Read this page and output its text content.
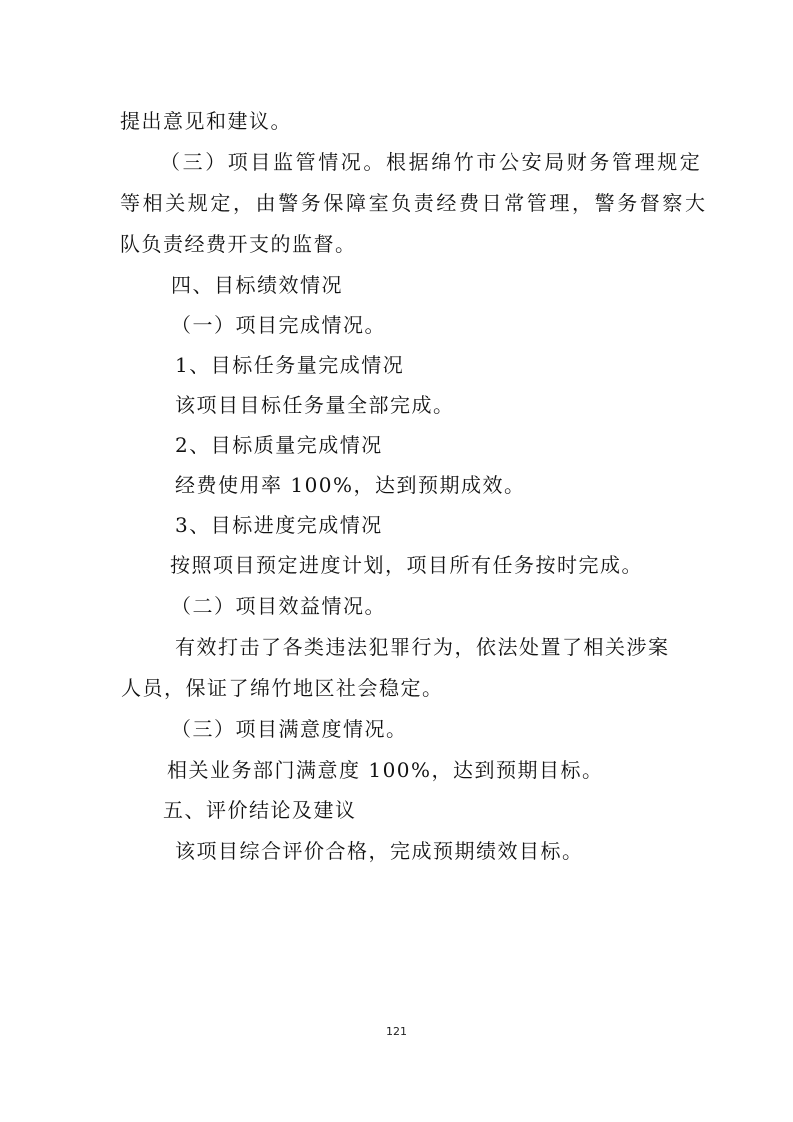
提出意见和建议。
（三）项目监管情况。根据绵竹市公安局财务管理规定
等相关规定，由警务保障室负责经费日常管理，警务督察大
队负责经费开支的监督。
四、目标绩效情况
（一）项目完成情况。
1、目标任务量完成情况
该项目目标任务量全部完成。
2、目标质量完成情况
经费使用率 100%，达到预期成效。
3、目标进度完成情况
按照项目预定进度计划，项目所有任务按时完成。
（二）项目效益情况。
有效打击了各类违法犯罪行为，依法处置了相关涉案
人员，保证了绵竹地区社会稳定。
（三）项目满意度情况。
相关业务部门满意度 100%，达到预期目标。
五、评价结论及建议
该项目综合评价合格，完成预期绩效目标。
121
